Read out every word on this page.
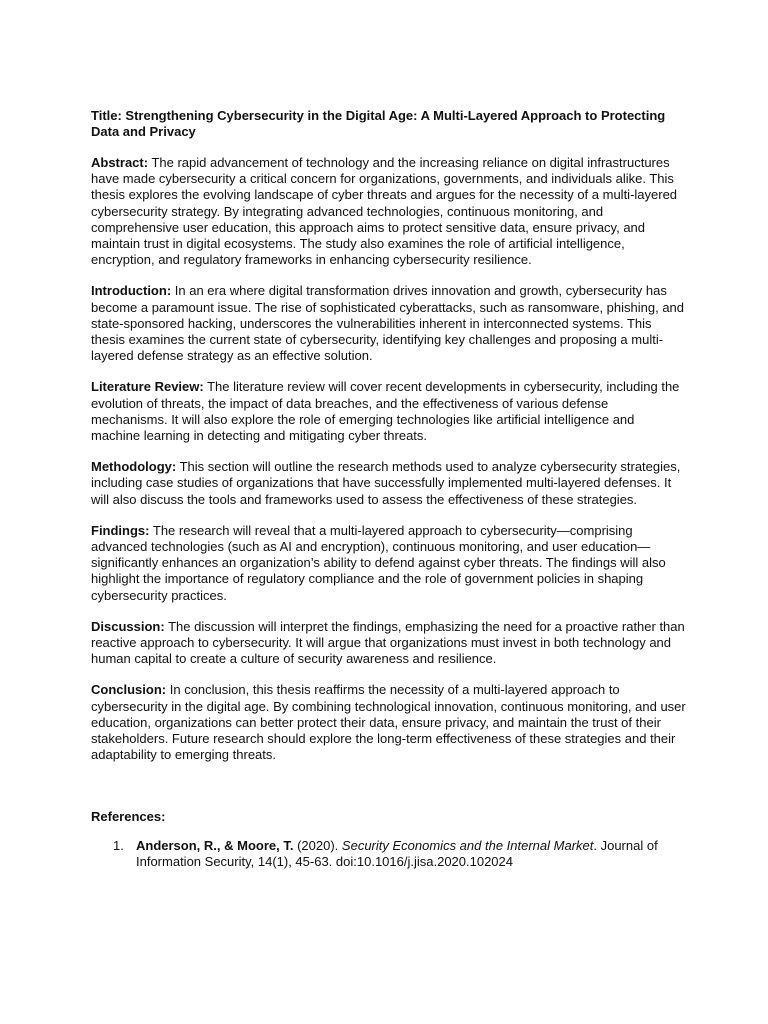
Title: Strengthening Cybersecurity in the Digital Age: A Multi-Layered Approach to Protecting Data and Privacy
Abstract: The rapid advancement of technology and the increasing reliance on digital infrastructures have made cybersecurity a critical concern for organizations, governments, and individuals alike. This thesis explores the evolving landscape of cyber threats and argues for the necessity of a multi-layered cybersecurity strategy. By integrating advanced technologies, continuous monitoring, and comprehensive user education, this approach aims to protect sensitive data, ensure privacy, and maintain trust in digital ecosystems. The study also examines the role of artificial intelligence, encryption, and regulatory frameworks in enhancing cybersecurity resilience.
Introduction: In an era where digital transformation drives innovation and growth, cybersecurity has become a paramount issue. The rise of sophisticated cyberattacks, such as ransomware, phishing, and state-sponsored hacking, underscores the vulnerabilities inherent in interconnected systems. This thesis examines the current state of cybersecurity, identifying key challenges and proposing a multi-layered defense strategy as an effective solution.
Literature Review: The literature review will cover recent developments in cybersecurity, including the evolution of threats, the impact of data breaches, and the effectiveness of various defense mechanisms. It will also explore the role of emerging technologies like artificial intelligence and machine learning in detecting and mitigating cyber threats.
Methodology: This section will outline the research methods used to analyze cybersecurity strategies, including case studies of organizations that have successfully implemented multi-layered defenses. It will also discuss the tools and frameworks used to assess the effectiveness of these strategies.
Findings: The research will reveal that a multi-layered approach to cybersecurity—comprising advanced technologies (such as AI and encryption), continuous monitoring, and user education—significantly enhances an organization’s ability to defend against cyber threats. The findings will also highlight the importance of regulatory compliance and the role of government policies in shaping cybersecurity practices.
Discussion: The discussion will interpret the findings, emphasizing the need for a proactive rather than reactive approach to cybersecurity. It will argue that organizations must invest in both technology and human capital to create a culture of security awareness and resilience.
Conclusion: In conclusion, this thesis reaffirms the necessity of a multi-layered approach to cybersecurity in the digital age. By combining technological innovation, continuous monitoring, and user education, organizations can better protect their data, ensure privacy, and maintain the trust of their stakeholders. Future research should explore the long-term effectiveness of these strategies and their adaptability to emerging threats.
References:
1. Anderson, R., & Moore, T. (2020). Security Economics and the Internal Market. Journal of Information Security, 14(1), 45-63. doi:10.1016/j.jisa.2020.102024
